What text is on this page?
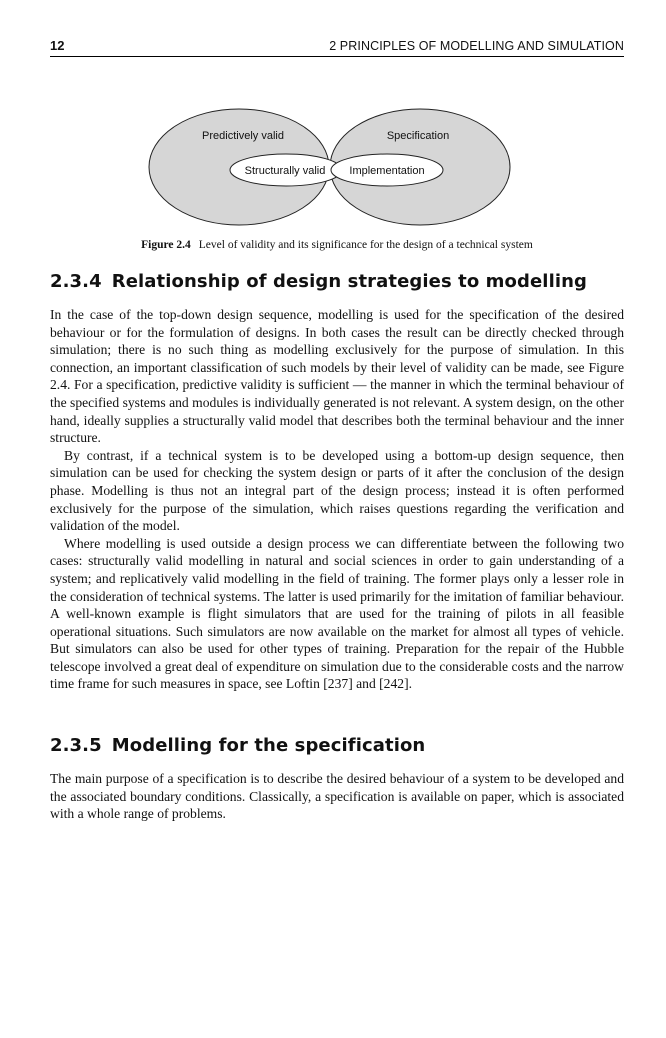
12	2 PRINCIPLES OF MODELLING AND SIMULATION
Predictively valid	Specification
Structurally valid Implementation
Figure 2.4 Level of validity and its significance for the design of a technical system
2.3.4 Relationship of design strategies to modelling

In the case of the top-down design sequence, modelling is used for the specification of the desired behaviour or for the formulation of designs. In both cases the result can be directly checked through simulation; there is no such thing as modelling exclusively for the purpose of simulation. In this connection, an important classification of such models by their level of validity can be made, see Figure 2.4. For a specification, predictive validity is sufficient — the manner in which the terminal behaviour of the specified systems and modules is individually generated is not relevant. A system design, on the other hand, ideally supplies a structurally valid model that describes both the terminal behaviour and the inner structure.

By contrast, if a technical system is to be developed using a bottom-up design sequence, then simulation can be used for checking the system design or parts of it after the conclusion of the design phase. Modelling is thus not an integral part of the design process; instead it is often performed exclusively for the purpose of the simulation, which raises questions regarding the verification and validation of the model.

Where modelling is used outside a design process we can differentiate between the following two cases: structurally valid modelling in natural and social sciences in order to gain understanding of a system; and replicatively valid modelling in the field of training. The former plays only a lesser role in the consideration of technical systems. The latter is used primarily for the imitation of familiar behaviour. A well-known example is flight simulators that are used for the training of pilots in all feasible operational situations. Such simulators are now available on the market for almost all types of vehicle. But simulators can also be used for other types of training. Preparation for the repair of the Hubble telescope involved a great deal of expenditure on simulation due to the considerable costs and the narrow time frame for such measures in space, see Loftin [237] and [242].

2.3.5 Modelling for the specification

The main purpose of a specification is to describe the desired behaviour of a system to be developed and the associated boundary conditions. Classically, a specification is available on paper, which is associated with a whole range of problems.
